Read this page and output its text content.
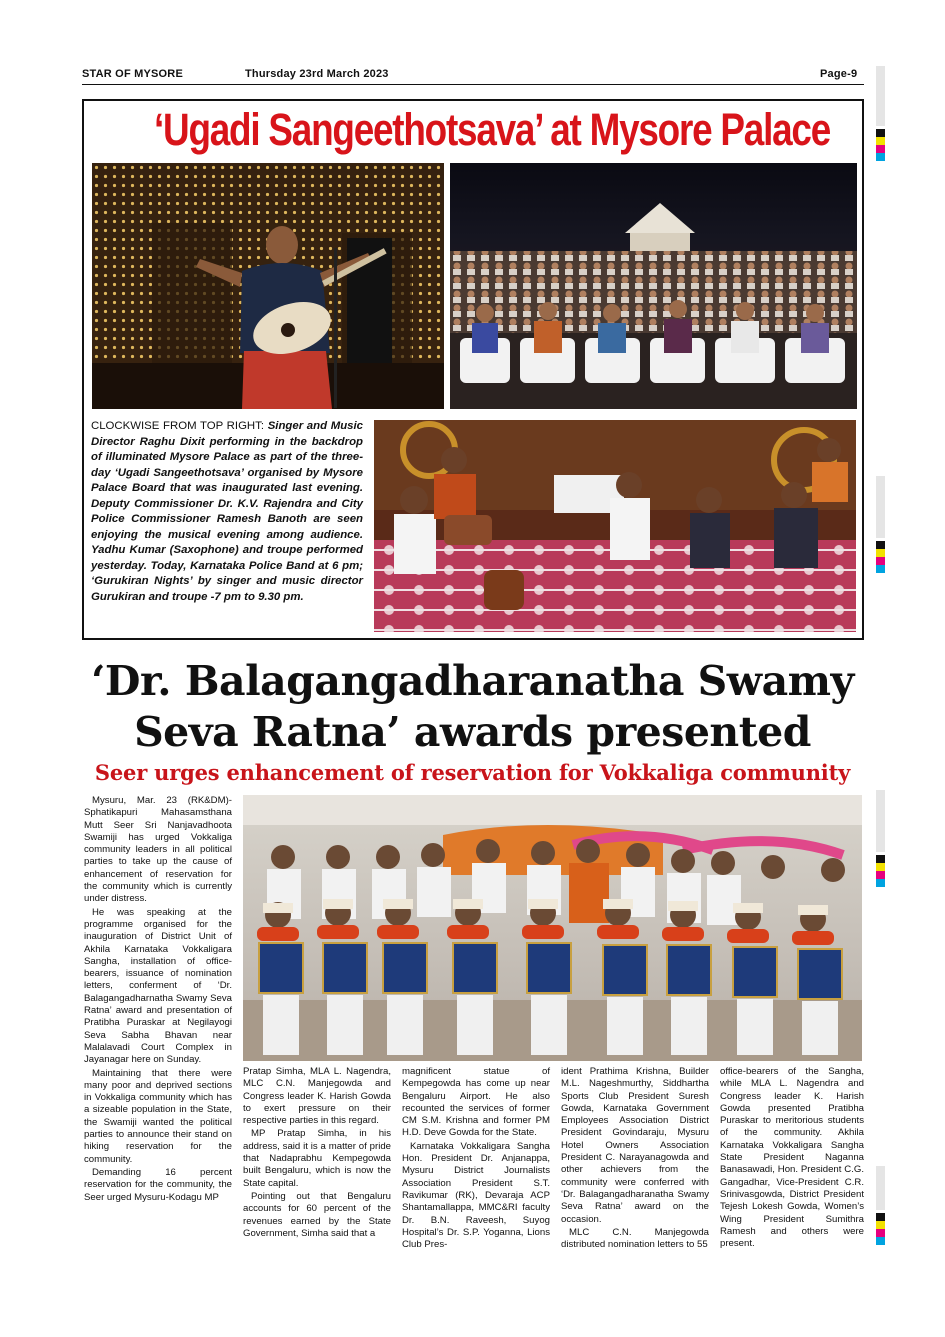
STAR OF MYSORE	Thursday 23rd March 2023	Page-9
‘Ugadi Sangeethotsava’ at Mysore Palace
CLOCKWISE FROM TOP RIGHT: Singer and Music Director Raghu Dixit performing in the backdrop of illuminated Mysore Palace as part of the three-day ‘Ugadi Sangeethotsava’ organised by Mysore Palace Board that was inaugurated last evening. Deputy Commissioner Dr. K.V. Rajendra and City Police Commissioner Ramesh Banoth are seen enjoying the musical evening among audience. Yadhu Kumar (Saxophone) and troupe performed yesterday. Today, Karnataka Police Band at 6 pm; ‘Gurukiran Nights’ by singer and music director Gurukiran and troupe -7 pm to 9.30 pm.
‘Dr. Balagangadharanatha Swamy
Seva Ratna’ awards presented
Seer urges enhancement of reservation for Vokkaliga community

Mysuru, Mar. 23 (RK&DM)- Sphatikapuri Mahasamsthana Mutt Seer Sri Nanjavadhoota Swamiji has urged Vokkaliga community leaders in all political parties to take up the cause of enhancement of reservation for the community which is currently under distress.

He was speaking at the programme organised for the inauguration of District Unit of Akhila Karnataka Vokkaligara Sangha, installation of office-bearers, issuance of nomination letters, conferment of ‘Dr. Balagangadharnatha Swamy Seva Ratna’ award and presentation of Pratibha Puraskar at Negilayogi Seva Sabha Bhavan near Malalavadi Court Complex in Jayanagar here on Sunday.

Maintaining that there were many poor and deprived sections in Vokkaliga community which has a sizeable population in the State, the Swamiji wanted the political parties to announce their stand on hiking reservation for the community.

Demanding 16 percent reservation for the community, the Seer urged Mysuru-Kodagu MP

Pratap Simha, MLA L. Nagendra, MLC C.N. Manjegowda and Congress leader K. Harish Gowda to exert pressure on their respective parties in this regard.

MP Pratap Simha, in his address, said it is a matter of pride that Nadaprabhu Kempegowda built Bengaluru, which is now the State capital.

Pointing out that Bengaluru accounts for 60 percent of the revenues earned by the State Government, Simha said that a

magnificent statue of Kempegowda has come up near Bengaluru Airport. He also recounted the services of former CM S.M. Krishna and former PM H.D. Deve Gowda for the State.

Karnataka Vokkaligara Sangha Hon. President Dr. Anjanappa, Mysuru District Journalists Association President S.T. Ravikumar (RK), Devaraja ACP Shantamallappa, MMC&RI faculty Dr. B.N. Raveesh, Suyog Hospital’s Dr. S.P. Yoganna, Lions Club Pres-

ident Prathima Krishna, Builder M.L. Nageshmurthy, Siddhartha Sports Club President Suresh Gowda, Karnataka Government Employees Association District President Govindaraju, Mysuru Hotel Owners Association President C. Narayanagowda and other achievers from the community were conferred with ‘Dr. Balagangadharanatha Swamy Seva Ratna’ award on the occasion.

MLC C.N. Manjegowda distributed nomination letters to 55

office-bearers of the Sangha, while MLA L. Nagendra and Congress leader K. Harish Gowda presented Pratibha Puraskar to meritorious students of the community. Akhila Karnataka Vokkaligara Sangha State President Naganna Banasawadi, Hon. President C.G. Gangadhar, Vice-President C.R. Srinivasgowda, District President Tejesh Lokesh Gowda, Women’s Wing President Sumithra Ramesh and others were present.
